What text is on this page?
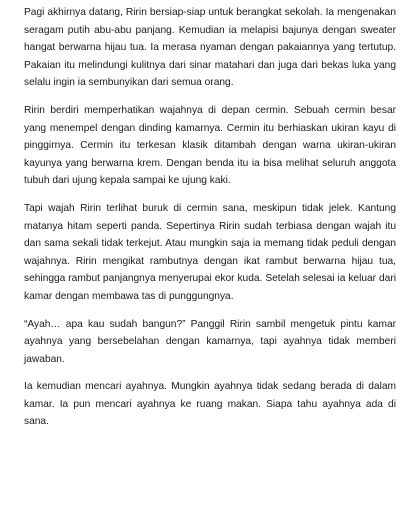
Pagi akhirnya datang, Ririn bersiap-siap untuk berangkat sekolah. Ia mengenakan seragam putih abu-abu panjang. Kemudian ia melapisi bajunya dengan sweater hangat berwarna hijau tua. Ia merasa nyaman dengan pakaiannya yang tertutup. Pakaian itu melindungi kulitnya dari sinar matahari dan juga dari bekas luka yang selalu ingin ia sembunyikan dari semua orang.

Ririn berdiri memperhatikan wajahnya di depan cermin. Sebuah cermin besar yang menempel dengan dinding kamarnya. Cermin itu berhiaskan ukiran kayu di pinggirnya. Cermin itu terkesan klasik ditambah dengan warna ukiran-ukiran kayunya yang berwarna krem. Dengan benda itu ia bisa melihat seluruh anggota tubuh dari ujung kepala sampai ke ujung kaki.

Tapi wajah Ririn terlihat buruk di cermin sana, meskipun tidak jelek. Kantung matanya hitam seperti panda. Sepertinya Ririn sudah terbiasa dengan wajah itu dan sama sekali tidak terkejut. Atau mungkin saja ia memang tidak peduli dengan wajahnya. Ririn mengikat rambutnya dengan ikat rambut berwarna hijau tua, sehingga rambut panjangnya menyerupai ekor kuda. Setelah selesai ia keluar dari kamar dengan membawa tas di punggungnya.

“Ayah… apa kau sudah bangun?” Panggil Ririn sambil mengetuk pintu kamar ayahnya yang bersebelahan dengan kamarnya, tapi ayahnya tidak memberi jawaban.

Ia kemudian mencari ayahnya. Mungkin ayahnya tidak sedang berada di dalam kamar. Ia pun mencari ayahnya ke ruang makan. Siapa tahu ayahnya ada di sana.
